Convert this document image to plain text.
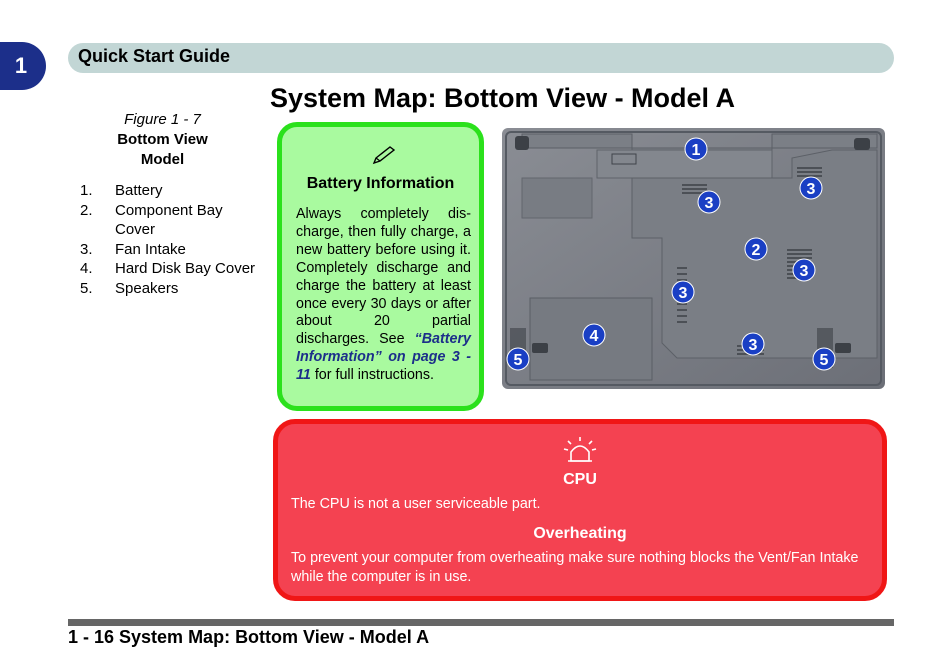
1	Quick Start Guide
System Map: Bottom View - Model A
Figure 1 - 7
Bottom View
Model
1.	Battery
2.	Component Bay Cover
3.	Fan Intake
4.	Hard Disk Bay Cover
5.	Speakers
Battery Information
Always completely dis-charge, then fully charge, a new battery before using it. Completely discharge and charge the battery at least once every 30 days or after about 20 partial discharges. See “Battery Information” on page 3 - 11 for full instructions.
1
2
3
3
3
3
3
4
5	5
CPU
The CPU is not a user serviceable part.
Overheating
To prevent your computer from overheating make sure nothing blocks the Vent/Fan Intake while the computer is in use.
1 - 16 System Map: Bottom View - Model A
